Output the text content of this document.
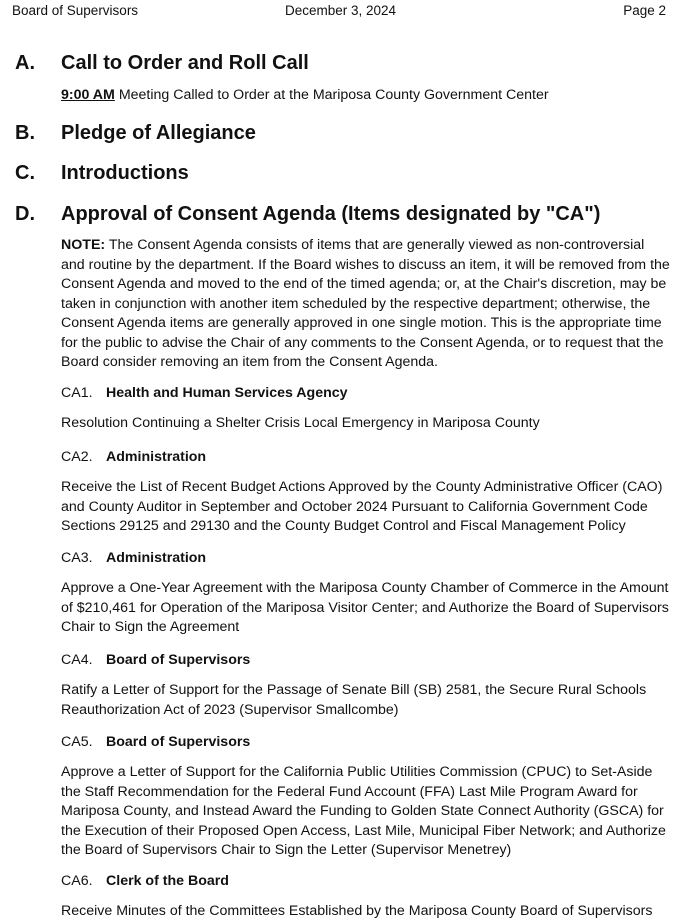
Board of Supervisors	December 3, 2024	Page 2
A. Call to Order and Roll Call
9:00 AM Meeting Called to Order at the Mariposa County Government Center
B. Pledge of Allegiance
C. Introductions
D. Approval of Consent Agenda (Items designated by "CA")
NOTE: The Consent Agenda consists of items that are generally viewed as non-controversial and routine by the department. If the Board wishes to discuss an item, it will be removed from the Consent Agenda and moved to the end of the timed agenda; or, at the Chair's discretion, may be taken in conjunction with another item scheduled by the respective department; otherwise, the Consent Agenda items are generally approved in one single motion. This is the appropriate time for the public to advise the Chair of any comments to the Consent Agenda, or to request that the Board consider removing an item from the Consent Agenda.
CA1. Health and Human Services Agency
Resolution Continuing a Shelter Crisis Local Emergency in Mariposa County
CA2. Administration
Receive the List of Recent Budget Actions Approved by the County Administrative Officer (CAO) and County Auditor in September and October 2024 Pursuant to California Government Code Sections 29125 and 29130 and the County Budget Control and Fiscal Management Policy
CA3. Administration
Approve a One-Year Agreement with the Mariposa County Chamber of Commerce in the Amount of $210,461 for Operation of the Mariposa Visitor Center; and Authorize the Board of Supervisors Chair to Sign the Agreement
CA4. Board of Supervisors
Ratify a Letter of Support for the Passage of Senate Bill (SB) 2581, the Secure Rural Schools Reauthorization Act of 2023 (Supervisor Smallcombe)
CA5. Board of Supervisors
Approve a Letter of Support for the California Public Utilities Commission (CPUC) to Set-Aside the Staff Recommendation for the Federal Fund Account (FFA) Last Mile Program Award for Mariposa County, and Instead Award the Funding to Golden State Connect Authority (GSCA) for the Execution of their Proposed Open Access, Last Mile, Municipal Fiber Network; and Authorize the Board of Supervisors Chair to Sign the Letter (Supervisor Menetrey)
CA6. Clerk of the Board
Receive Minutes of the Committees Established by the Mariposa County Board of Supervisors
